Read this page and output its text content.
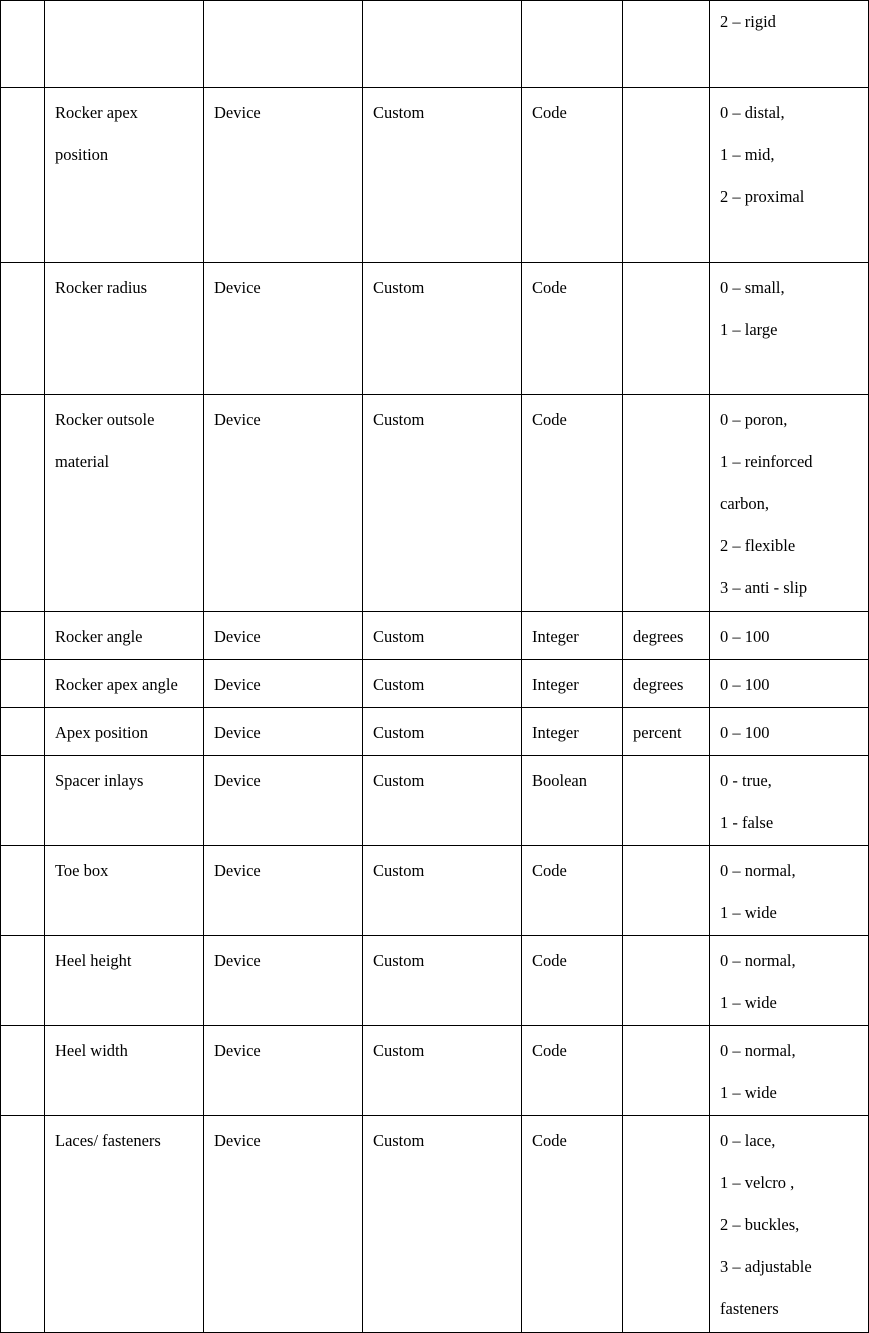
						2 – rigid

	Rocker apex
position	Device	Custom	Code		0 – distal,
1 – mid,
2 – proximal

	Rocker radius	Device	Custom	Code		0 – small,
1 – large

	Rocker outsole
material	Device	Custom	Code		0 – poron,
1 – reinforced
carbon,
2 – flexible
3 – anti - slip

	Rocker angle	Device	Custom	Integer	degrees	0 – 100

	Rocker apex angle	Device	Custom	Integer	degrees	0 – 100

	Apex position	Device	Custom	Integer	percent	0 – 100

	Spacer inlays	Device	Custom	Boolean		0 - true,
1 - false

	Toe box	Device	Custom	Code		0 – normal,
1 – wide

	Heel height	Device	Custom	Code		0 – normal,
1 – wide

	Heel width	Device	Custom	Code		0 – normal,
1 – wide

	Laces/ fasteners	Device	Custom	Code		0 – lace,
1 – velcro ,
2 – buckles,
3 – adjustable
fasteners
